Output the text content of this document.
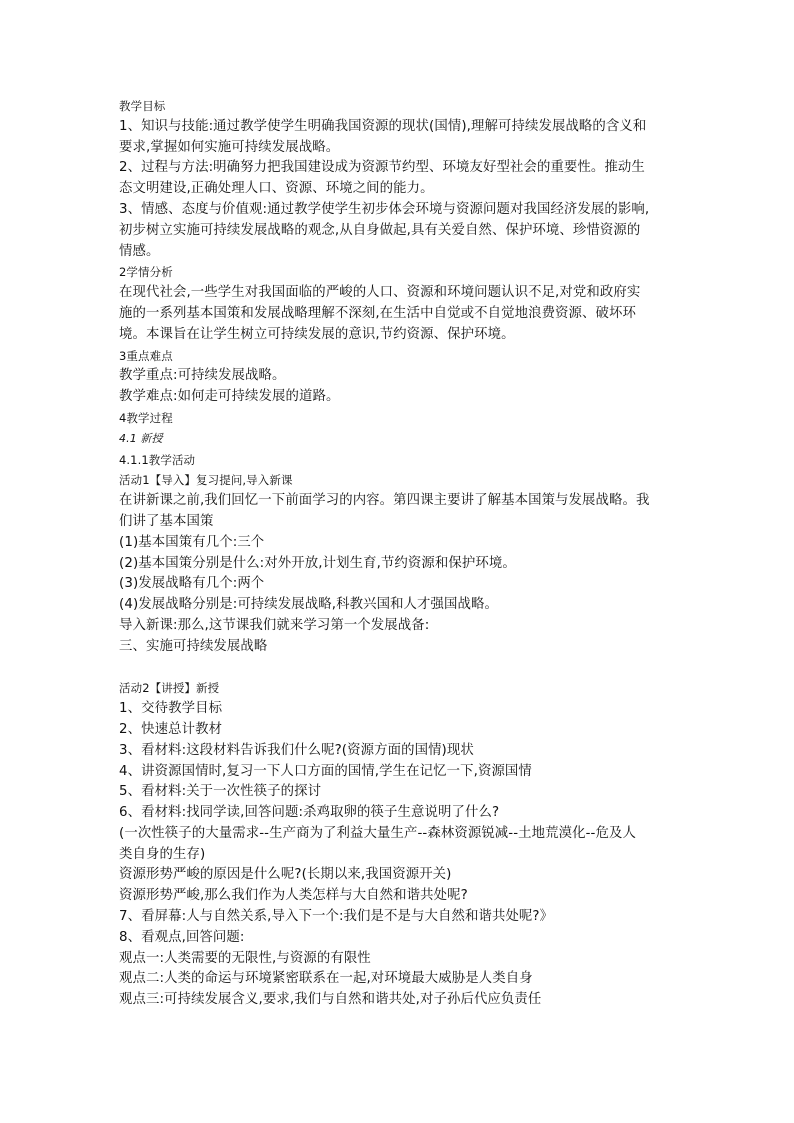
教学目标
1、知识与技能:通过教学使学生明确我国资源的现状(国情),理解可持续发展战略的含义和
要求,掌握如何实施可持续发展战略。
2、过程与方法:明确努力把我国建设成为资源节约型、环境友好型社会的重要性。推动生
态文明建设,正确处理人口、资源、环境之间的能力。
3、情感、态度与价值观:通过教学使学生初步体会环境与资源问题对我国经济发展的影响,
初步树立实施可持续发展战略的观念,从自身做起,具有关爱自然、保护环境、珍惜资源的
情感。
2学情分析
在现代社会,一些学生对我国面临的严峻的人口、资源和环境问题认识不足,对党和政府实
施的一系列基本国策和发展战略理解不深刻,在生活中自觉或不自觉地浪费资源、破坏环
境。本课旨在让学生树立可持续发展的意识,节约资源、保护环境。
3重点难点
教学重点:可持续发展战略。
教学难点:如何走可持续发展的道路。
4教学过程
4.1 新授
4.1.1教学活动
活动1【导入】复习提问,导入新课
在讲新课之前,我们回忆一下前面学习的内容。第四课主要讲了解基本国策与发展战略。我
们讲了基本国策
(1)基本国策有几个:三个
(2)基本国策分别是什么:对外开放,计划生育,节约资源和保护环境。
(3)发展战略有几个:两个
(4)发展战略分别是:可持续发展战略,科教兴国和人才强国战略。
导入新课:那么,这节课我们就来学习第一个发展战备:
三、实施可持续发展战略
活动2【讲授】新授
1、交待教学目标
2、快速总计教材
3、看材料:这段材料告诉我们什么呢?(资源方面的国情)现状
4、讲资源国情时,复习一下人口方面的国情,学生在记忆一下,资源国情
5、看材料:关于一次性筷子的探讨
6、看材料:找同学读,回答问题:杀鸡取卵的筷子生意说明了什么?
(一次性筷子的大量需求--生产商为了利益大量生产--森林资源锐减--土地荒漠化--危及人
类自身的生存)
资源形势严峻的原因是什么呢?(长期以来,我国资源开关)
资源形势严峻,那么我们作为人类怎样与大自然和谐共处呢?
7、看屏幕:人与自然关系,导入下一个:我们是不是与大自然和谐共处呢?》
8、看观点,回答问题:
观点一:人类需要的无限性,与资源的有限性
观点二:人类的命运与环境紧密联系在一起,对环境最大威胁是人类自身
观点三:可持续发展含义,要求,我们与自然和谐共处,对子孙后代应负责任
